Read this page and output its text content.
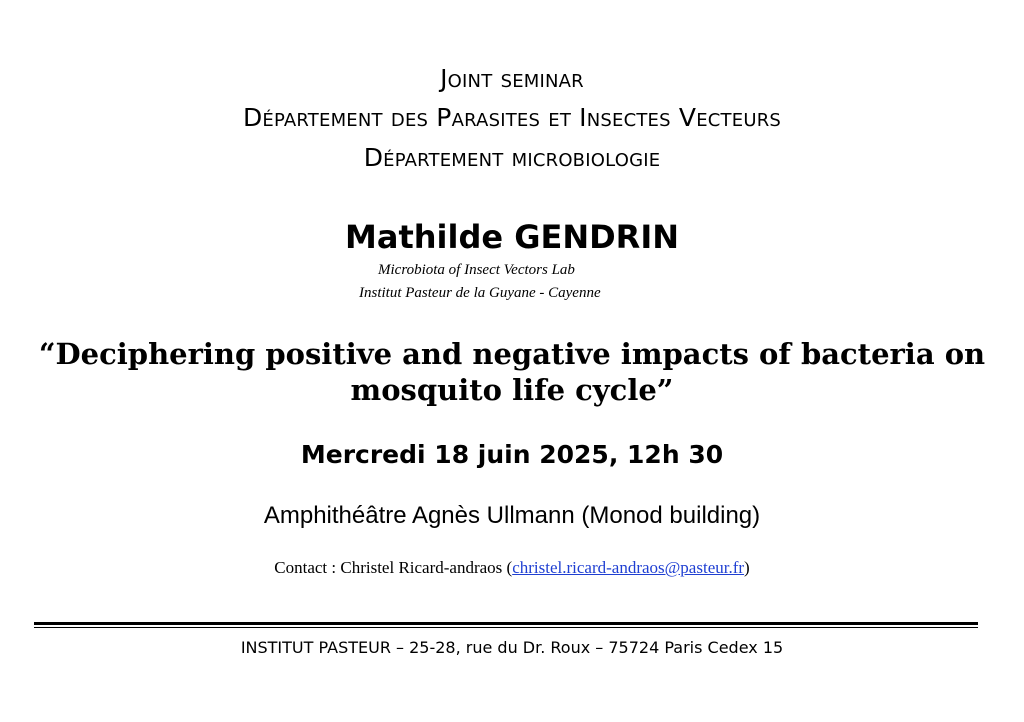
Joint seminar
Département des Parasites et Insectes Vecteurs
Département microbiologie
Mathilde GENDRIN
Microbiota of Insect Vectors Lab
Institut Pasteur de la Guyane - Cayenne
“Deciphering positive and negative impacts of bacteria on
mosquito life cycle”
Mercredi 18 juin 2025, 12h 30
Amphithéâtre Agnès Ullmann (Monod building)
Contact : Christel Ricard-andraos (christel.ricard-andraos@pasteur.fr)
INSTITUT PASTEUR – 25-28, rue du Dr. Roux – 75724 Paris Cedex 15
